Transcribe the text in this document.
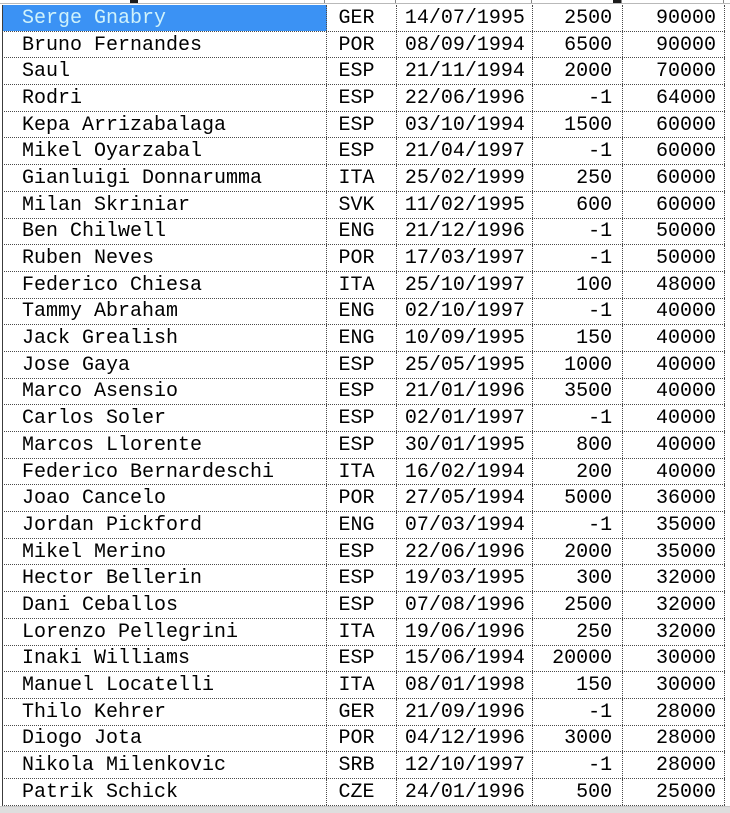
Serge Gnabry	GER	14/07/1995	2500	90000
Bruno Fernandes	POR	08/09/1994	6500	90000
Saul	ESP	21/11/1994	2000	70000
Rodri	ESP	22/06/1996	-1	64000
Kepa Arrizabalaga	ESP	03/10/1994	1500	60000
Mikel Oyarzabal	ESP	21/04/1997	-1	60000
Gianluigi Donnarumma	ITA	25/02/1999	250	60000
Milan Skriniar	SVK	11/02/1995	600	60000
Ben Chilwell	ENG	21/12/1996	-1	50000
Ruben Neves	POR	17/03/1997	-1	50000
Federico Chiesa	ITA	25/10/1997	100	48000
Tammy Abraham	ENG	02/10/1997	-1	40000
Jack Grealish	ENG	10/09/1995	150	40000
Jose Gaya	ESP	25/05/1995	1000	40000
Marco Asensio	ESP	21/01/1996	3500	40000
Carlos Soler	ESP	02/01/1997	-1	40000
Marcos Llorente	ESP	30/01/1995	800	40000
Federico Bernardeschi	ITA	16/02/1994	200	40000
Joao Cancelo	POR	27/05/1994	5000	36000
Jordan Pickford	ENG	07/03/1994	-1	35000
Mikel Merino	ESP	22/06/1996	2000	35000
Hector Bellerin	ESP	19/03/1995	300	32000
Dani Ceballos	ESP	07/08/1996	2500	32000
Lorenzo Pellegrini	ITA	19/06/1996	250	32000
Inaki Williams	ESP	15/06/1994	20000	30000
Manuel Locatelli	ITA	08/01/1998	150	30000
Thilo Kehrer	GER	21/09/1996	-1	28000
Diogo Jota	POR	04/12/1996	3000	28000
Nikola Milenkovic	SRB	12/10/1997	-1	28000
Patrik Schick	CZE	24/01/1996	500	25000
